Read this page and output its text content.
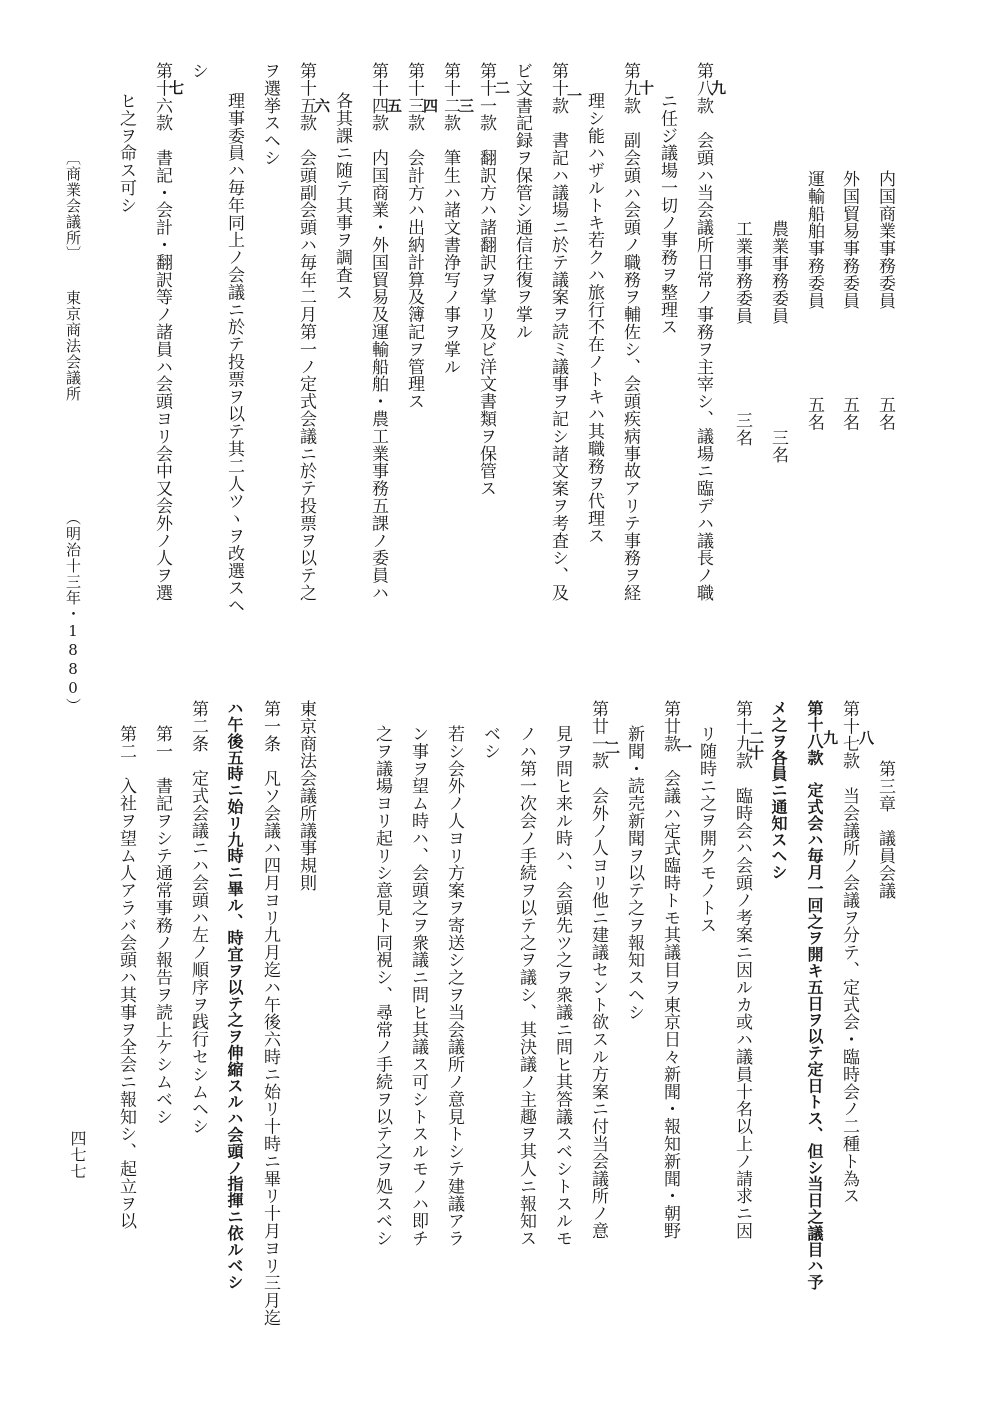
内国商業事務委員　　　　　五名
外国貿易事務委員　　　　　五名
運輸船舶事務委員　　　　　五名
農業事務委員　　　　　　三名
工業事務委員　　　　　三名
第八款　会頭ハ当会議所日常ノ事務ヲ主宰シ、議場ニ臨デハ議長ノ職
九
ニ任ジ議場一切ノ事務ヲ整理ス
十
第九款　副会頭ハ会頭ノ職務ヲ輔佐シ、会頭疾病事故アリテ事務ヲ経
理シ能ハザルトキ若クハ旅行不在ノトキハ其職務ヲ代理ス
一
第十款　書記ハ議場ニ於テ議案ヲ読ミ議事ヲ記シ諸文案ヲ考査シ、及
ビ文書記録ヲ保管シ通信往復ヲ掌ル
二
第十一款　翻訳方ハ諸翻訳ヲ掌リ及ビ洋文書類ヲ保管ス
三
第十二款　筆生ハ諸文書浄写ノ事ヲ掌ル
四
第十三款　会計方ハ出納計算及簿記ヲ管理ス
五
第十四款　内国商業・外国貿易及運輸船舶・農工業事務五課ノ委員ハ
各其課ニ随テ其事ヲ調査ス
六
第十五款　会頭副会頭ハ毎年二月第一ノ定式会議ニ於テ投票ヲ以テ之
ヲ選挙スヘシ
理事委員ハ毎年同上ノ会議ニ於テ投票ヲ以テ其二人ツヽヲ改選スヘ
シ
第十六款　書記・会計・翻訳等ノ諸員ハ会頭ヨリ会中又会外ノ人ヲ選
七
ヒ之ヲ命ス可シ
〔商業会議所〕
東京商法会議所
（明治十三年・1880）
第三章　議員会議
第十七款　当会議所ノ会議ヲ分テ、定式会・臨時会ノ二種ト為ス
八
第十八款　定式会ハ毎月一回之ヲ開キ五日ヲ以テ定日トス、但シ当日之議目ハ予
九
メ之ヲ各員ニ通知スヘシ
二十
第十九款　臨時会ハ会頭ノ考案ニ因ルカ或ハ議員十名以上ノ請求ニ因
リ随時ニ之ヲ開クモノトス
一
第廿款　会議ハ定式臨時トモ其議目ヲ東京日々新聞・報知新聞・朝野
新聞・読売新聞ヲ以テ之ヲ報知スヘシ
二
第廿一款　会外ノ人ヨリ他ニ建議セント欲スル方案ニ付当会議所ノ意
見ヲ問ヒ来ル時ハ、会頭先ツ之ヲ衆議ニ問ヒ其答議スベシトスルモ
ノハ第一次会ノ手続ヲ以テ之ヲ議シ、其決議ノ主趣ヲ其人ニ報知ス
ベシ
若シ会外ノ人ヨリ方案ヲ寄送シ之ヲ当会議所ノ意見トシテ建議アラ
ン事ヲ望ム時ハ、会頭之ヲ衆議ニ問ヒ其議ス可シトスルモノハ即チ
之ヲ議場ヨリ起リシ意見ト同視シ、尋常ノ手続ヲ以テ之ヲ処スベシ
東京商法会議所議事規則
第一条　凡ソ会議ハ四月ヨリ九月迄ハ午後六時ニ始リ十時ニ畢リ十月ヨリ三月迄
ハ午後五時ニ始リ九時ニ畢ル、時宜ヲ以テ之ヲ伸縮スルハ会頭ノ指揮ニ依ルベシ
第二条　定式会議ニハ会頭ハ左ノ順序ヲ践行セシムヘシ
第一　書記ヲシテ通常事務ノ報告ヲ読上ケシムベシ
第二　入社ヲ望ム人アラバ会頭ハ其事ヲ全会ニ報知シ、起立ヲ以
四七七
